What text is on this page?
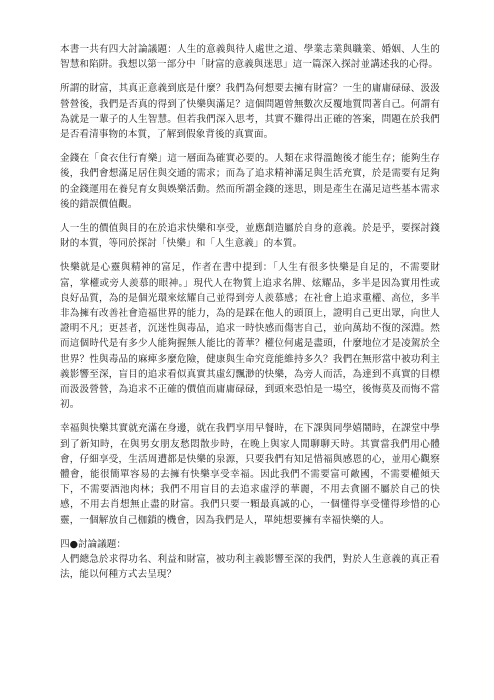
本書一共有四大討論議題：人生的意義與待人處世之道、學業志業與職業、婚姻、人生的智慧和陷阱。我想以第一部分中「財富的意義與迷思」這一篇深入探討並講述我的心得。

所謂的財富，其真正意義到底是什麼？我們為何想要去擁有財富？一生的庸庸碌碌、汲汲營營後，我們是否真的得到了快樂與滿足？這個問題曾無數次反覆地質問著自己。何謂有為就是一輩子的人生智慧。但若我們深入思考，其實不難得出正確的答案，問題在於我們是否看清事物的本質，了解到假象背後的真實面。

金錢在「食衣住行育樂」這一層面為確實必要的。人類在求得溫飽後才能生存；能夠生存後，我們會想滿足居住與交通的需求；而為了追求精神滿足與生活充實，於是需要有足夠的金錢運用在養兒育女與娛樂活動。然而所謂金錢的迷思，則是產生在滿足這些基本需求後的錯誤價值觀。

人一生的價值與目的在於追求快樂和享受，並應創造屬於自身的意義。於是乎，要探討錢財的本質，等同於探討「快樂」和「人生意義」的本質。

快樂就是心靈與精神的富足，作者在書中提到：「人生有很多快樂是自足的，不需要財富，掌權或旁人羨慕的眼神。」現代人在物質上追求名牌、炫耀品，多半是因為實用性或良好品質，為的是個光環來炫耀自己並得到旁人羨慕感；在社會上追求重權、高位，多半非為擁有改善社會造福世界的能力，為的是踩在他人的頭頂上，證明自己更出眾，向世人證明不凡；更甚者，沉迷性與毒品，追求一時快感而傷害自己，並向萬劫不復的深淵。然而這個時代是有多少人能夠握無人能比的菁華？權位何處是盡頭，什麼地位才是凌駕於全世界？性與毒品的麻痺多麼危險，健康與生命究竟能維持多久？我們在無形當中被功利主義影響至深，盲目的追求看似真實其虛幻飄渺的快樂，為旁人而活，為達到不真實的目標而汲汲營營，為追求不正確的價值而庸庸碌碌，到頭來恐怕是一場空，後悔莫及而悔不當初。

幸福與快樂其實就充滿在身邊，就在我們享用早餐時，在下課與同學嬉鬧時，在課堂中學到了新知時，在與男女朋友愁悶散步時，在晚上與家人閒聊聊天時。其實當我們用心體會，仔細享受，生活周遭都是快樂的泉源，只要我們有知足惜福與感恩的心，並用心觀察體會，能很簡單容易的去擁有快樂享受幸福。因此我們不需要富可敵國，不需要權傾天下，不需要酒池肉林；我們不用盲目的去追求虛浮的華麗，不用去貪圖不屬於自己的快感，不用去肖想無止盡的財富。我們只要一顆最真誠的心，一個懂得享受懂得珍惜的心靈，一個解放自己枷鎖的機會，因為我們是人，單純想要擁有幸福快樂的人。

四●討論議題：

人們總急於求得功名、利益和財富，被功利主義影響至深的我們，對於人生意義的真正看法，能以何種方式去呈現？
